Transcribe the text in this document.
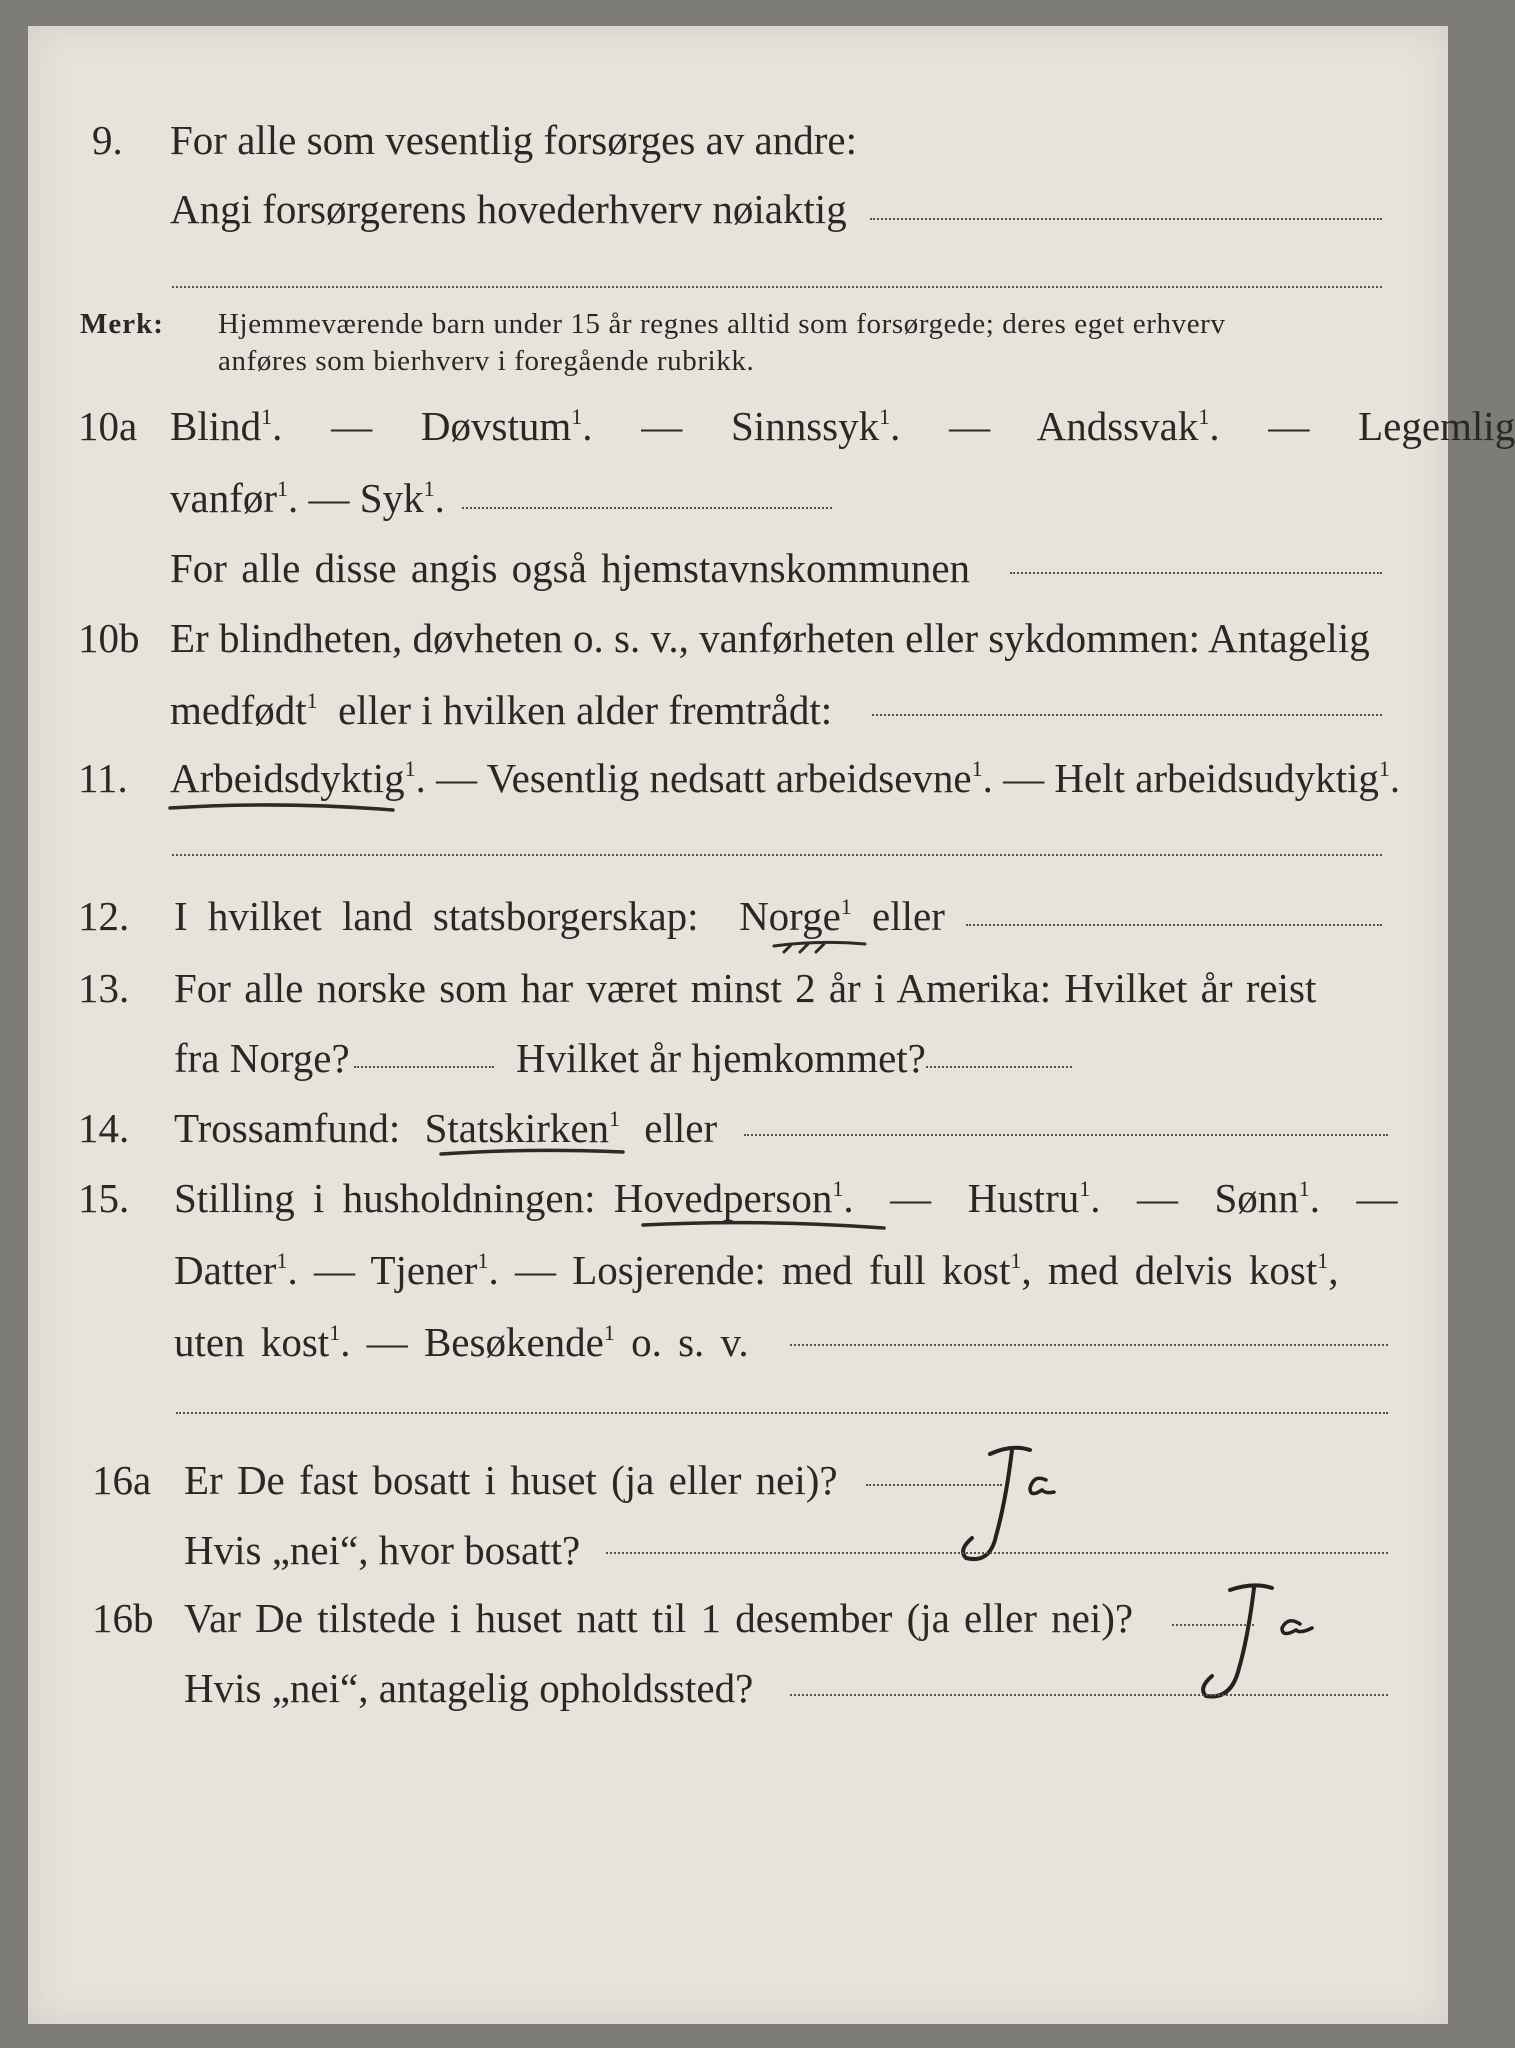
9. For alle som vesentlig forsørges av andre:
Angi forsørgerens hovederhverv nøiaktig
Merk: Hjemmeværende barn under 15 år regnes alltid som forsørgede; deres eget erhverv
anføres som bierhverv i foregående rubrikk.
10a Blind$^1$.   — Døvstum$^1$.   — Sinnssyk$^1$.   — Andssvak$^1$.   — Legemlig
vanfør$^1$. — Syk$^1$.
For alle disse angis også hjemstavnskommunen
10b Er blindheten, døvheten o. s. v., vanførheten eller sykdommen: Antagelig
medfødt$^1$ eller i hvilken alder fremtrådt:
11. Arbeidsdyktig$^1$. — Vesentlig nedsatt arbeidsevne$^1$. — Helt arbeidsudyktig$^1$.
12. I hvilket land statsborgerskap: Norge$^1$ eller
13. For alle norske som har været minst 2 år i Amerika: Hvilket år reist
fra Norge?	Hvilket år hjemkommet?
14. Trossamfund: Statskirken$^1$ eller
15. Stilling i husholdningen: Hovedperson$^1$.  — Hustru$^1$.  — Sønn$^1$.  —
Datter$^1$. — Tjener$^1$. — Losjerende: med full kost$^1$, med delvis kost$^1$,
uten kost$^1$. — Besøkende$^1$ o. s. v.
16a Er De fast bosatt i huset (ja eller nei)?
Hvis „nei“, hvor bosatt?
16b Var De tilstede i huset natt til 1 desember (ja eller nei)?
Hvis „nei“, antagelig opholdssted?
